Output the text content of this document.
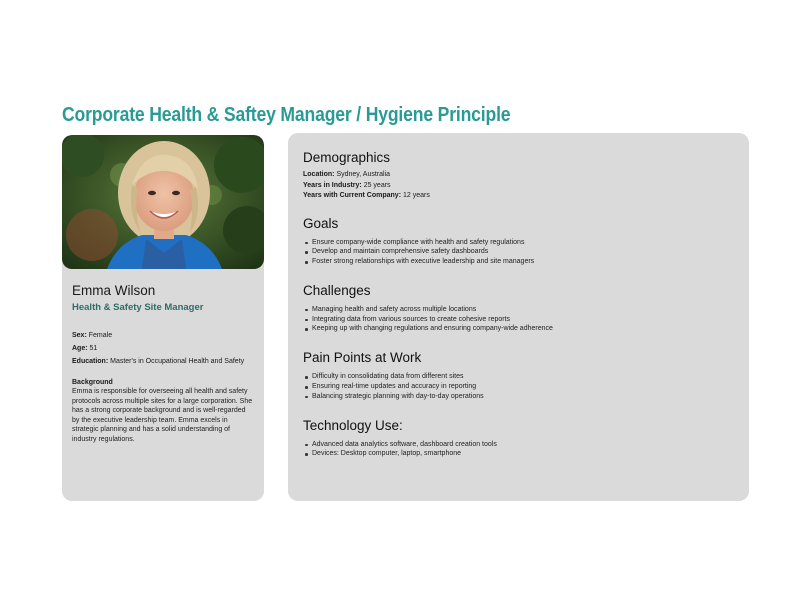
Corporate Health & Saftey Manager / Hygiene Principle
Emma Wilson
Health & Safety Site Manager
Sex: Female
Age: 51
Education: Master's in Occupational Health and Safety
Background
Emma is responsible for overseeing all health and safety protocols across multiple sites for a large corporation. She has a strong corporate background and is well-regarded by the executive leadership team. Emma excels in strategic planning and has a solid understanding of industry regulations.
Demographics
Location: Sydney, Australia
Years in Industry: 25 years
Years with Current Company: 12 years
Goals
Ensure company-wide compliance with health and safety regulations
Develop and maintain comprehensive safety dashboards
Foster strong relationships with executive leadership and site managers
Challenges
Managing health and safety across multiple locations
Integrating data from various sources to create cohesive reports
Keeping up with changing regulations and ensuring company-wide adherence
Pain Points at Work
Difficulty in consolidating data from different sites
Ensuring real-time updates and accuracy in reporting
Balancing strategic planning with day-to-day operations
Technology Use:
Advanced data analytics software, dashboard creation tools
Devices: Desktop computer, laptop, smartphone
